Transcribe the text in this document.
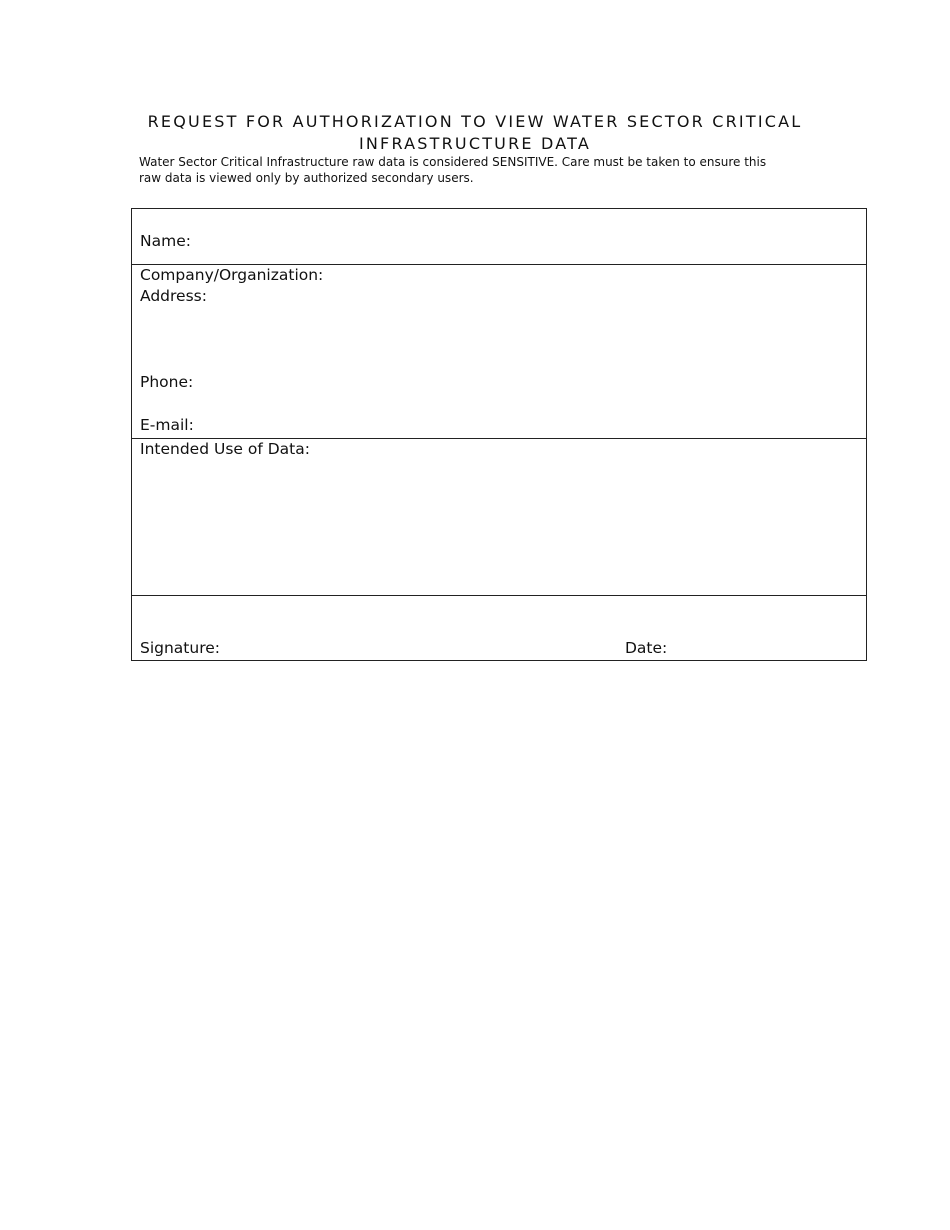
REQUEST FOR AUTHORIZATION TO VIEW WATER SECTOR CRITICAL
INFRASTRUCTURE DATA

Water Sector Critical Infrastructure raw data is considered SENSITIVE. Care must be taken to ensure this
raw data is viewed only by authorized secondary users.

Name:
Company/Organization:
Address:
Phone:
E-mail:
Intended Use of Data:
Signature:	Date:
